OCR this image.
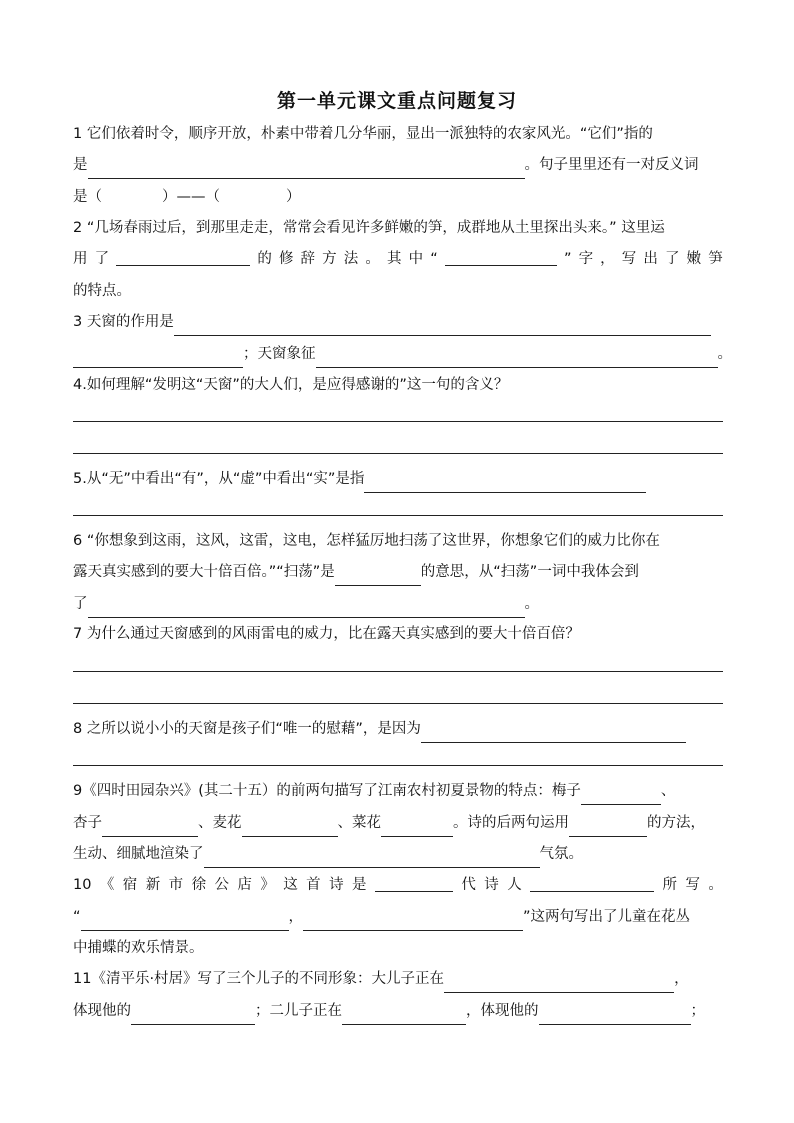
第一单元课文重点问题复习
1 它们依着时令，顺序开放，朴素中带着几分华丽，显出一派独特的农家风光。“它们”指的
是	。句子里里还有一对反义词
是（	）——（	）
2 “几场春雨过后，到那里走走，常常会看见许多鲜嫩的笋，成群地从土里探出头来。” 这里运
用 了	的 修 辞 方 法 。 其 中 “	” 字 ， 写 出 了 嫩 笋
的特点。
3 天窗的作用是
；天窗象征	。
4.如何理解“发明这“天窗”的大人们，是应得感谢的”这一句的含义？
5.从“无”中看出“有”，从“虚”中看出“实”是指
6 “你想象到这雨，这风，这雷，这电，怎样猛厉地扫荡了这世界，你想象它们的威力比你在
露天真实感到的要大十倍百倍。”“扫荡”是	的意思，从“扫荡”一词中我体会到
了	。
7 为什么通过天窗感到的风雨雷电的威力，比在露天真实感到的要大十倍百倍？
8 之所以说小小的天窗是孩子们“唯一的慰藉”，是因为
9《四时田园杂兴》(其二十五）的前两句描写了江南农村初夏景物的特点：梅子	、
杏子	、麦花	、菜花	。诗的后两句运用	的方法，
生动、细腻地渲染了	气氛。
10 《 宿 新 市 徐 公 店 》 这 首 诗 是	代 诗 人	所 写 。
“	，	”这两句写出了儿童在花丛
中捕蝶的欢乐情景。
11《清平乐·村居》写了三个儿子的不同形象：大儿子正在	，
体现他的	；二儿子正在	，体现他的	；
